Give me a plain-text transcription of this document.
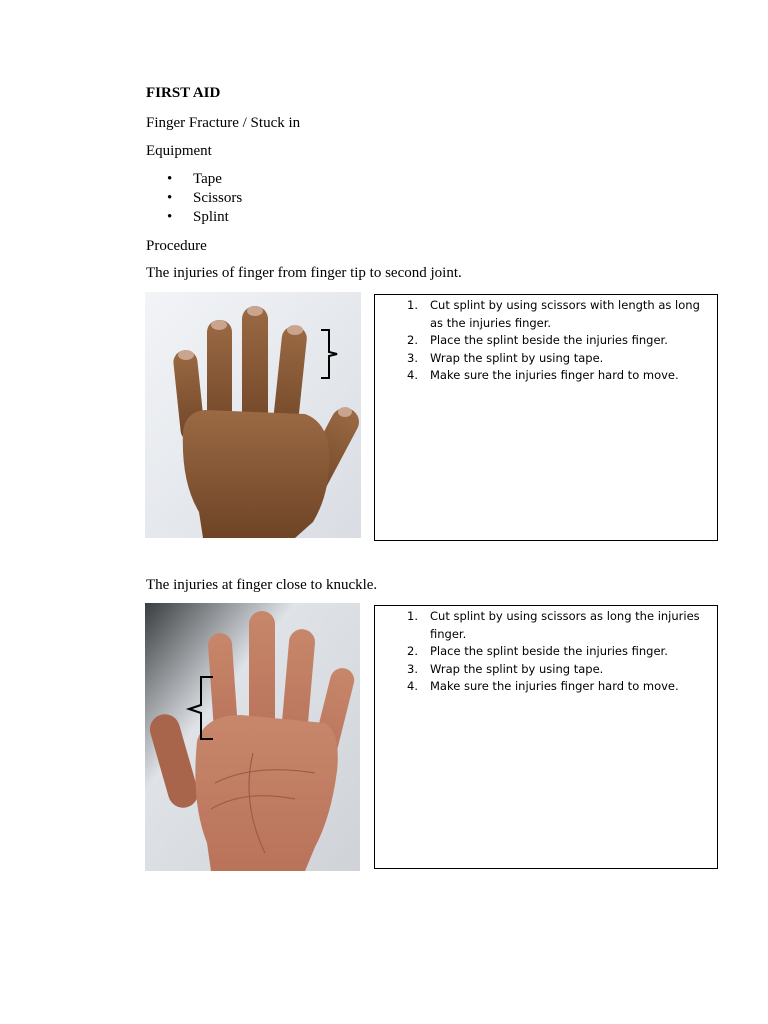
FIRST AID

Finger Fracture / Stuck in

Equipment

• Tape
• Scissors
• Splint

Procedure

The injuries of finger from finger tip to second joint.

1. Cut splint by using scissors with length as long as the injuries finger.
2. Place the splint beside the injuries finger.
3. Wrap the splint by using tape.
4. Make sure the injuries finger hard to move.

The injuries at finger close to knuckle.

1. Cut splint by using scissors as long the injuries finger.
2. Place the splint beside the injuries finger.
3. Wrap the splint by using tape.
4. Make sure the injuries finger hard to move.
